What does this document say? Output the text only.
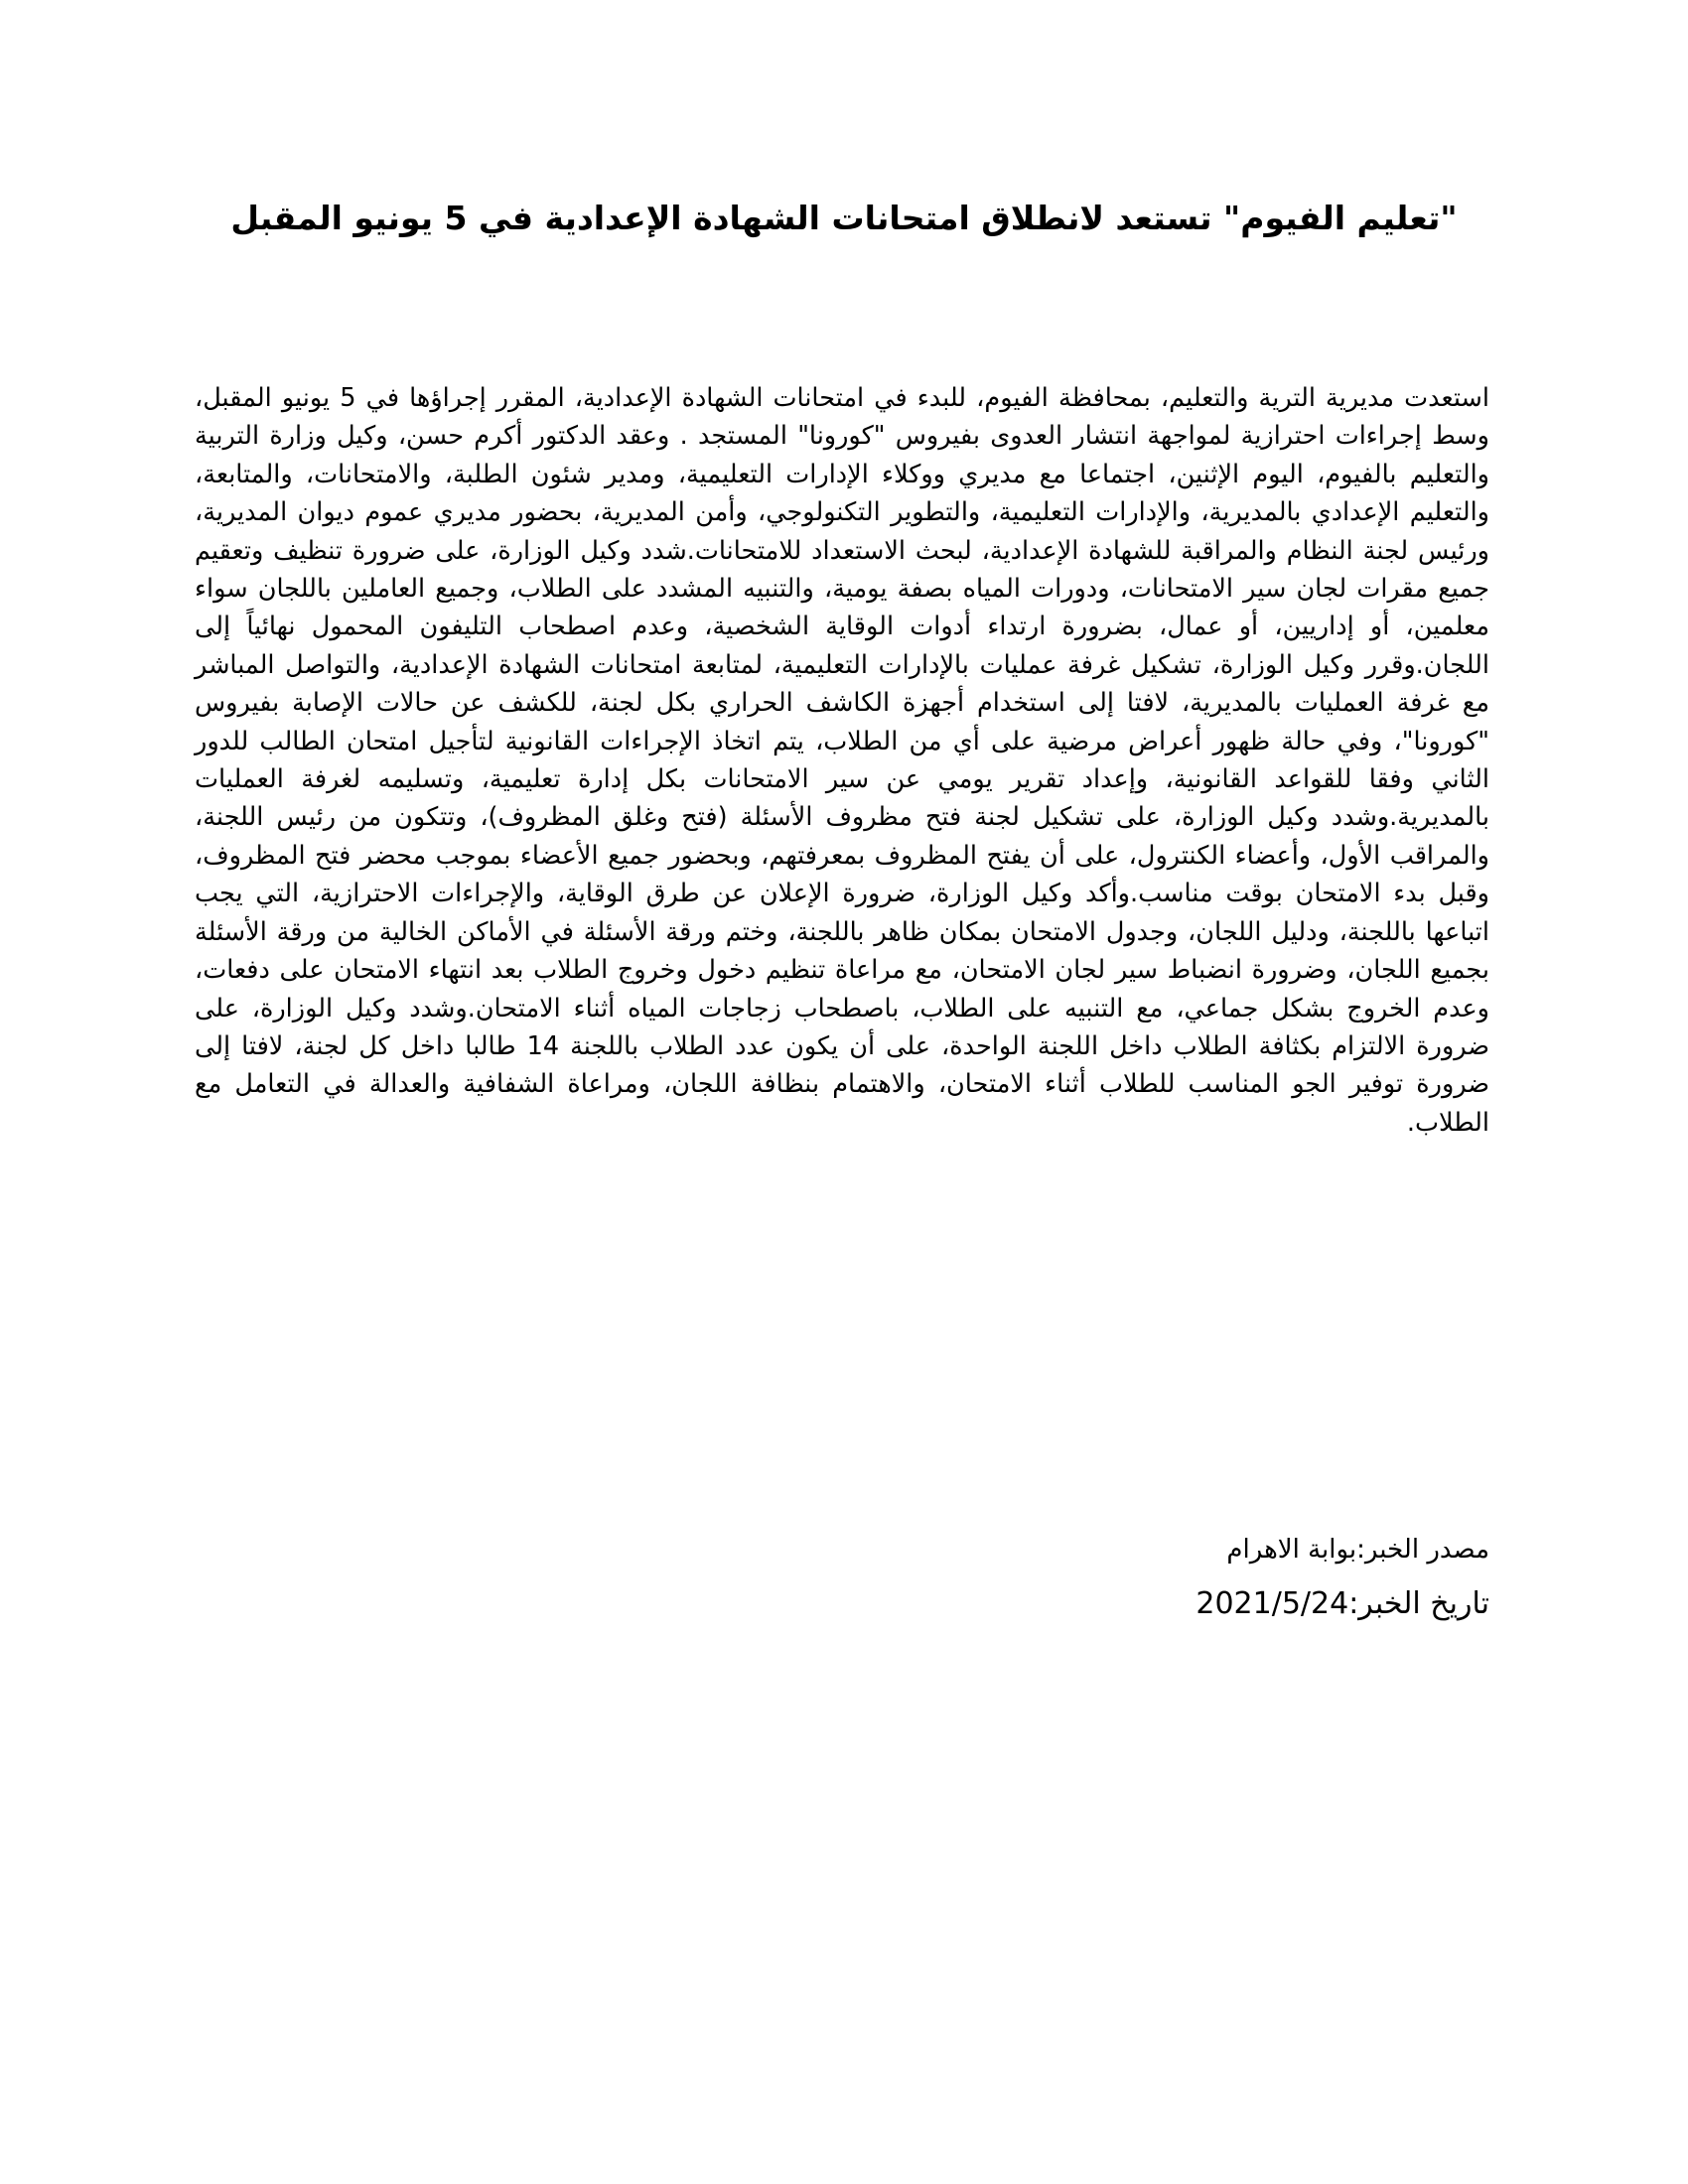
"تعليم الفيوم" تستعد لانطلاق امتحانات الشهادة الإعدادية في 5 يونيو المقبل

استعدت مديرية الترية والتعليم، بمحافظة الفيوم، للبدء في امتحانات الشهادة الإعدادية، المقرر إجراؤها في 5 يونيو المقبل، وسط إجراءات احترازية لمواجهة انتشار العدوى بفيروس "كورونا" المستجد . وعقد الدكتور أكرم حسن، وكيل وزارة التربية والتعليم بالفيوم، اليوم الإثنين، اجتماعا مع مديري ووكلاء الإدارات التعليمية، ومدير شئون الطلبة، والامتحانات، والمتابعة، والتعليم الإعدادي بالمديرية، والإدارات التعليمية، والتطوير التكنولوجي، وأمن المديرية، بحضور مديري عموم ديوان المديرية، ورئيس لجنة النظام والمراقبة للشهادة الإعدادية، لبحث الاستعداد للامتحانات.شدد وكيل الوزارة، على ضرورة تنظيف وتعقيم جميع مقرات لجان سير الامتحانات، ودورات المياه بصفة يومية، والتنبيه المشدد على الطلاب، وجميع العاملين باللجان سواء معلمين، أو إداريين، أو عمال، بضرورة ارتداء أدوات الوقاية الشخصية، وعدم اصطحاب التليفون المحمول نهائياً إلى اللجان.وقرر وكيل الوزارة، تشكيل غرفة عمليات بالإدارات التعليمية، لمتابعة امتحانات الشهادة الإعدادية، والتواصل المباشر مع غرفة العمليات بالمديرية، لافتا إلى استخدام أجهزة الكاشف الحراري بكل لجنة، للكشف عن حالات الإصابة بفيروس "كورونا"، وفي حالة ظهور أعراض مرضية على أي من الطلاب، يتم اتخاذ الإجراءات القانونية لتأجيل امتحان الطالب للدور الثاني وفقا للقواعد القانونية، وإعداد تقرير يومي عن سير الامتحانات بكل إدارة تعليمية، وتسليمه لغرفة العمليات بالمديرية.وشدد وكيل الوزارة، على تشكيل لجنة فتح مظروف الأسئلة (فتح وغلق المظروف)، وتتكون من رئيس اللجنة، والمراقب الأول، وأعضاء الكنترول، على أن يفتح المظروف بمعرفتهم، وبحضور جميع الأعضاء بموجب محضر فتح المظروف، وقبل بدء الامتحان بوقت مناسب.وأكد وكيل الوزارة، ضرورة الإعلان عن طرق الوقاية، والإجراءات الاحترازية، التي يجب اتباعها باللجنة، ودليل اللجان، وجدول الامتحان بمكان ظاهر باللجنة، وختم ورقة الأسئلة في الأماكن الخالية من ورقة الأسئلة بجميع اللجان، وضرورة انضباط سير لجان الامتحان، مع مراعاة تنظيم دخول وخروج الطلاب بعد انتهاء الامتحان على دفعات، وعدم الخروج بشكل جماعي، مع التنبيه على الطلاب، باصطحاب زجاجات المياه أثناء الامتحان.وشدد وكيل الوزارة، على ضرورة الالتزام بكثافة الطلاب داخل اللجنة الواحدة، على أن يكون عدد الطلاب باللجنة 14 طالبا داخل كل لجنة، لافتا إلى ضرورة توفير الجو المناسب للطلاب أثناء الامتحان، والاهتمام بنظافة اللجان، ومراعاة الشفافية والعدالة في التعامل مع الطلاب.

مصدر الخبر:بوابة الاهرام

تاريخ الخبر:2021/5/24
